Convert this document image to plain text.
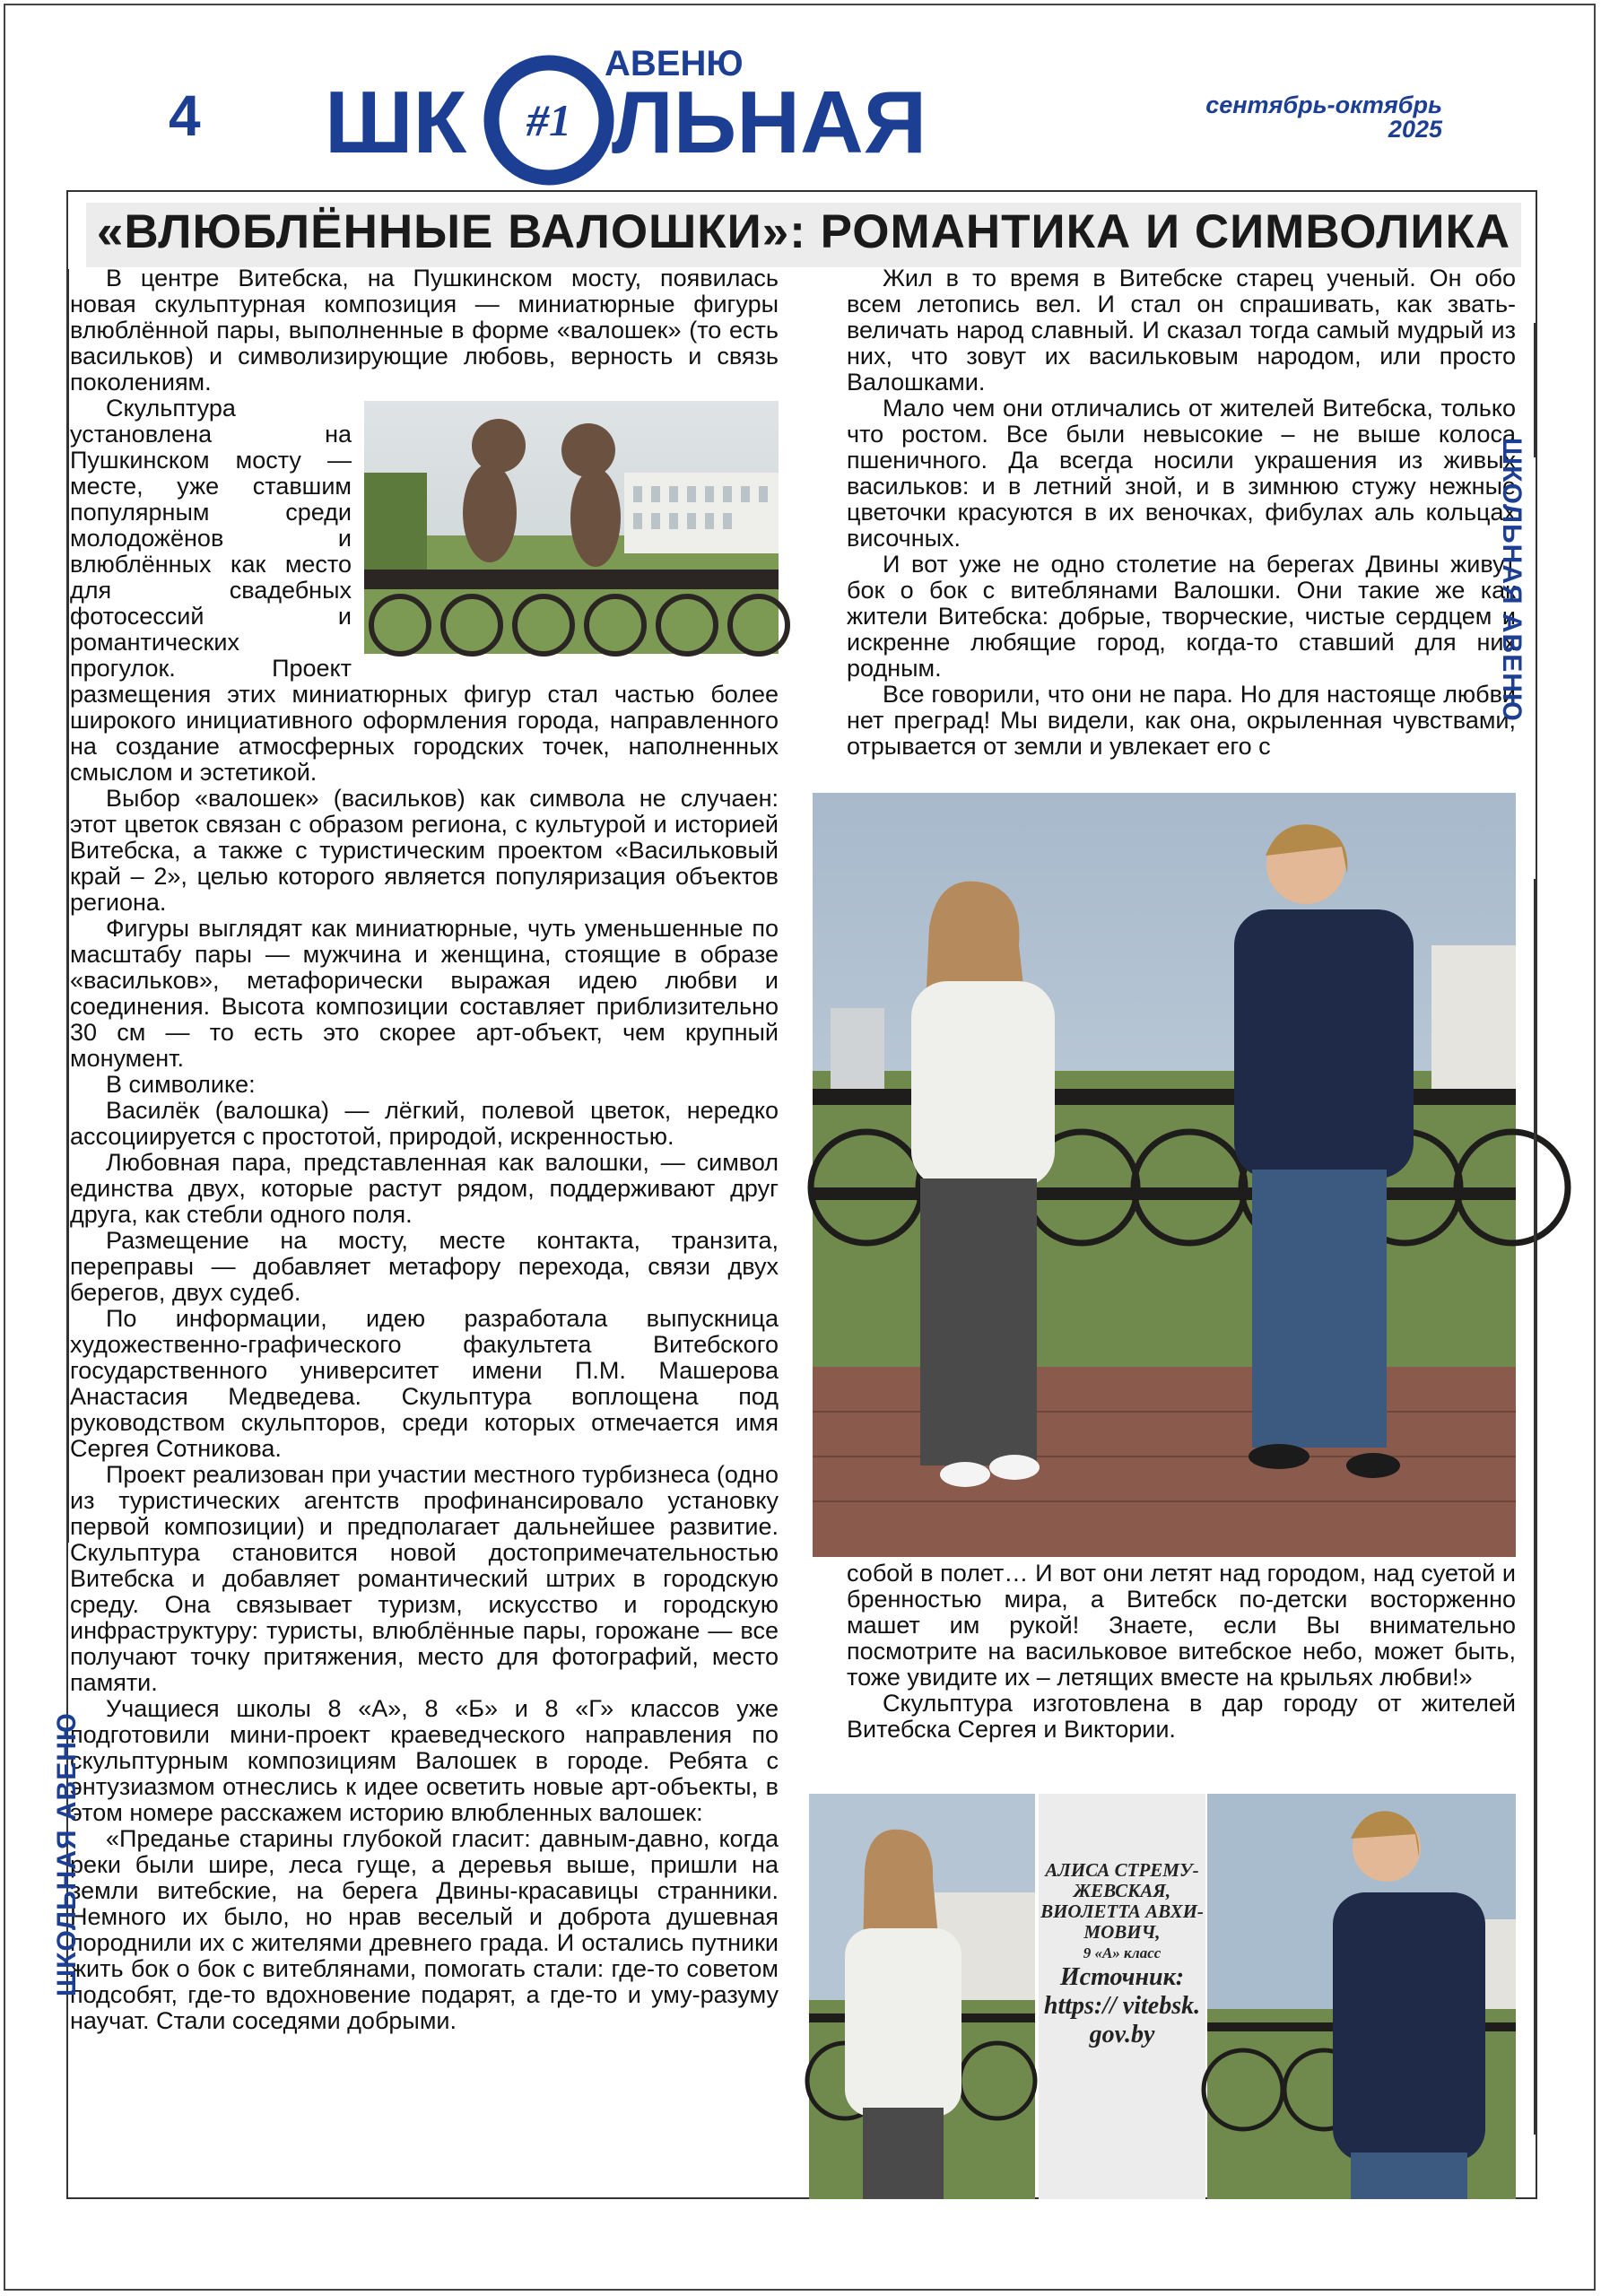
4
АВЕНЮ
ШК #1 ЛЬНАЯ	сентябрь-октябрь
2025
«ВЛЮБЛЁННЫЕ ВАЛОШКИ»: РОМАНТИКА И СИМВОЛИКА

В центре Витебска, на Пушкинском мосту, появилась новая скульптурная композиция — миниатюрные фигуры влюблённой пары, выполненные в форме «валошек» (то есть васильков) и символизирующие любовь, верность и связь поколениям.

Скульптура установлена на Пушкинском мосту — месте, уже ставшим популярным среди молодожёнов и влюблённых как место для свадебных фотосессий и романтических прогулок. Проект размещения этих миниатюрных фигур стал частью более широкого инициативного оформления города, направленного на создание атмосферных городских точек, наполненных смыслом и эстетикой.

Выбор «валошек» (васильков) как символа не случаен: этот цветок связан с образом региона, с культурой и историей Витебска, а также с туристическим проектом «Васильковый край – 2», целью которого является популяризация объектов региона.

Фигуры выглядят как миниатюрные, чуть уменьшенные по масштабу пары — мужчина и женщина, стоящие в образе «васильков», метафорически выражая идею любви и соединения. Высота композиции составляет приблизительно 30 см — то есть это скорее арт-объект, чем крупный монумент.

В символике:

Василёк (валошка) — лёгкий, полевой цветок, нередко ассоциируется с простотой, природой, искренностью.

Любовная пара, представленная как валошки, — символ единства двух, которые растут рядом, поддерживают друг друга, как стебли одного поля.

Размещение на мосту, месте контакта, транзита, переправы — добавляет метафору перехода, связи двух берегов, двух судеб.

По информации, идею разработала выпускница художественно-графического факультета Витебского государственного университет имени П.М. Машерова Анастасия Медведева. Скульптура воплощена под руководством скульпторов, среди которых отмечается имя Сергея Сотникова.

Проект реализован при участии местного турбизнеса (одно из туристических агентств профинансировало установку первой композиции) и предполагает дальнейшее развитие. Скульптура становится новой достопримечательностью Витебска и добавляет романтический штрих в городскую среду. Она связывает туризм, искусство и городскую инфраструктуру: туристы, влюблённые пары, горожане — все получают точку притяжения, место для фотографий, место памяти.

Учащиеся школы 8 «А», 8 «Б» и 8 «Г» классов уже подготовили мини-проект краеведческого направления по скульптурным композициям Валошек в городе. Ребята с энтузиазмом отнеслись к идее осветить новые арт-объекты, в этом номере расскажем историю влюбленных валошек:

«Преданье старины глубокой гласит: давным-давно, когда реки были шире, леса гуще, а деревья выше, пришли на земли витебские, на берега Двины-красавицы странники. Немного их было, но нрав веселый и доброта душевная породнили их с жителями древнего града. И остались путники жить бок о бок с витеблянами, помогать стали: где-то советом подсобят, где-то вдохновение подарят, а где-то и уму-разуму научат. Стали соседями добрыми.

Жил в то время в Витебске старец ученый. Он обо всем летопись вел. И стал он спрашивать, как звать-величать народ славный. И сказал тогда самый мудрый из них, что зовут их васильковым народом, или просто Валошками.

Мало чем они отличались от жителей Витебска, только что ростом. Все были невысокие – не выше колоса пшеничного. Да всегда носили украшения из живых васильков: и в летний зной, и в зимнюю стужу нежные цветочки красуются в их веночках, фибулах аль кольцах височных.

И вот уже не одно столетие на берегах Двины живут бок о бок с витеблянами Валошки. Они такие же как жители Витебска: добрые, творческие, чистые сердцем и искренне любящие город, когда-то ставший для них родным.

Все говорили, что они не пара. Но для настояще любви нет преград! Мы видели, как она, окрыленная чувствами, отрывается от земли и увлекает его с

собой в полет… И вот они летят над городом, над суетой и бренностью мира, а Витебск по-детски восторженно машет им рукой! Знаете, если Вы внимательно посмотрите на васильковое витебское небо, может быть, тоже увидите их – летящих вместе на крыльях любви!»

Скульптура изготовлена в дар городу от жителей Витебска Сергея и Виктории.

АЛИСА СТРЕМУ-ЖЕВСКАЯ, ВИОЛЕТТА АВХИ-МОВИЧ,
9 «А» класс
Источник:
https:// vitebsk. gov.by
ШКОЛЬНАЯ АВЕНЮ
ШКОЛЬНАЯ АВЕНЮ
